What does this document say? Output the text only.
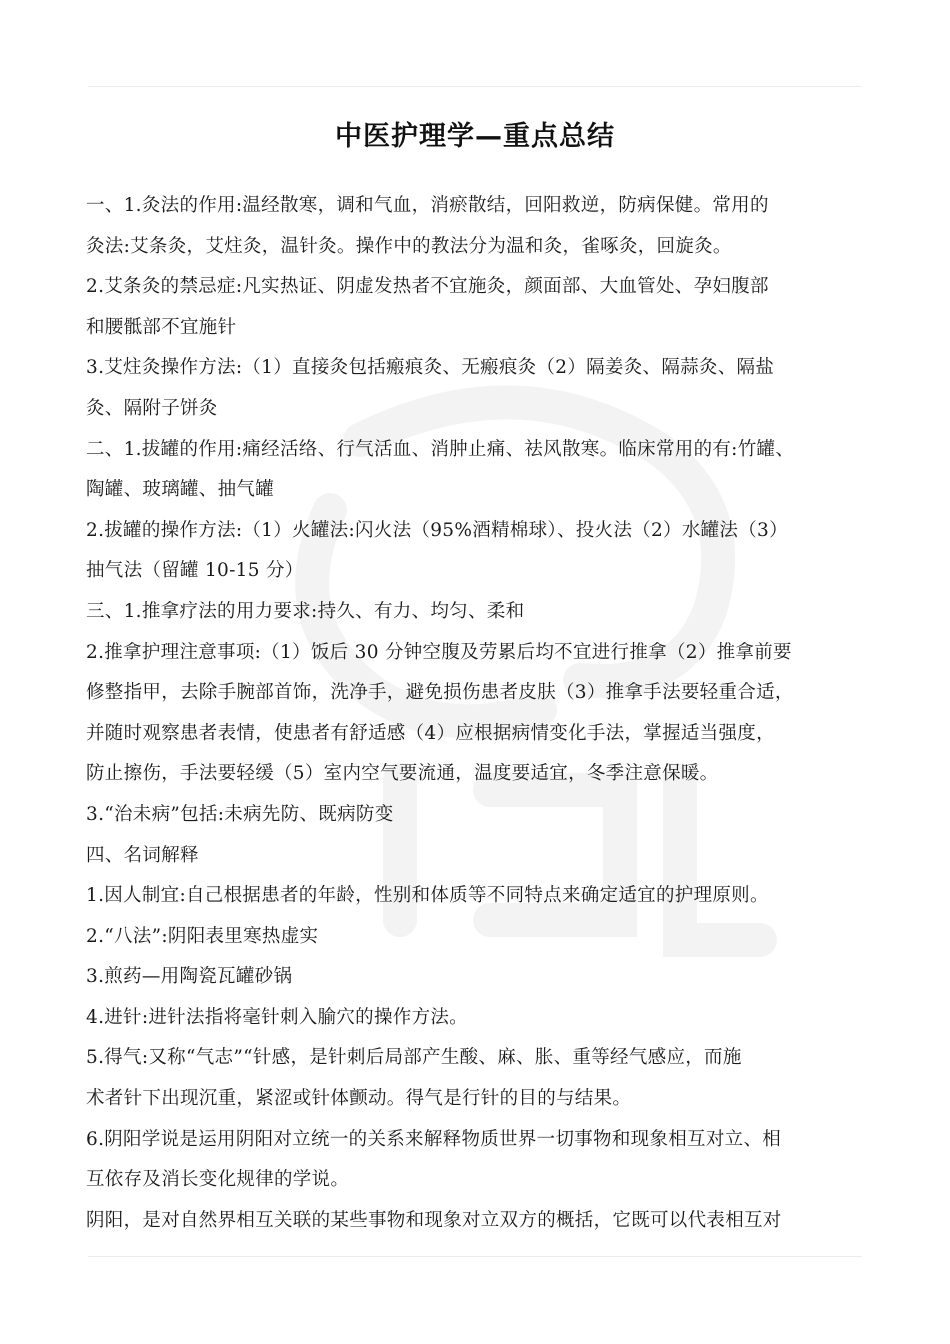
中医护理学—重点总结
一、1.灸法的作用:温经散寒，调和气血，消瘀散结，回阳救逆，防病保健。常用的
灸法:艾条灸，艾炷灸，温针灸。操作中的教法分为温和灸，雀啄灸，回旋灸。
2.艾条灸的禁忌症:凡实热证、阴虚发热者不宜施灸，颜面部、大血管处、孕妇腹部
和腰骶部不宜施针
3.艾炷灸操作方法:（1）直接灸包括瘢痕灸、无瘢痕灸（2）隔姜灸、隔蒜灸、隔盐
灸、隔附子饼灸
二、1.拔罐的作用:痛经活络、行气活血、消肿止痛、祛风散寒。临床常用的有:竹罐、
陶罐、玻璃罐、抽气罐
2.拔罐的操作方法:（1）火罐法:闪火法（95%酒精棉球）、投火法（2）水罐法（3）
抽气法（留罐 10-15 分）
三、1.推拿疗法的用力要求:持久、有力、均匀、柔和
2.推拿护理注意事项:（1）饭后 30 分钟空腹及劳累后均不宜进行推拿（2）推拿前要
修整指甲，去除手腕部首饰，洗净手，避免损伤患者皮肤（3）推拿手法要轻重合适，
并随时观察患者表情，使患者有舒适感（4）应根据病情变化手法，掌握适当强度，
防止擦伤，手法要轻缓（5）室内空气要流通，温度要适宜，冬季注意保暖。
3.“治未病”包括:未病先防、既病防变
四、名词解释
1.因人制宜:自己根据患者的年龄，性别和体质等不同特点来确定适宜的护理原则。
2.“八法”:阴阳表里寒热虚实
3.煎药—用陶瓷瓦罐砂锅
4.进针:进针法指将毫针刺入腧穴的操作方法。
5.得气:又称“气志”“针感，是针刺后局部产生酸、麻、胀、重等经气感应，而施
术者针下出现沉重，紧涩或针体颤动。得气是行针的目的与结果。
6.阴阳学说是运用阴阳对立统一的关系来解释物质世界一切事物和现象相互对立、相
互依存及消长变化规律的学说。
阴阳，是对自然界相互关联的某些事物和现象对立双方的概括，它既可以代表相互对
